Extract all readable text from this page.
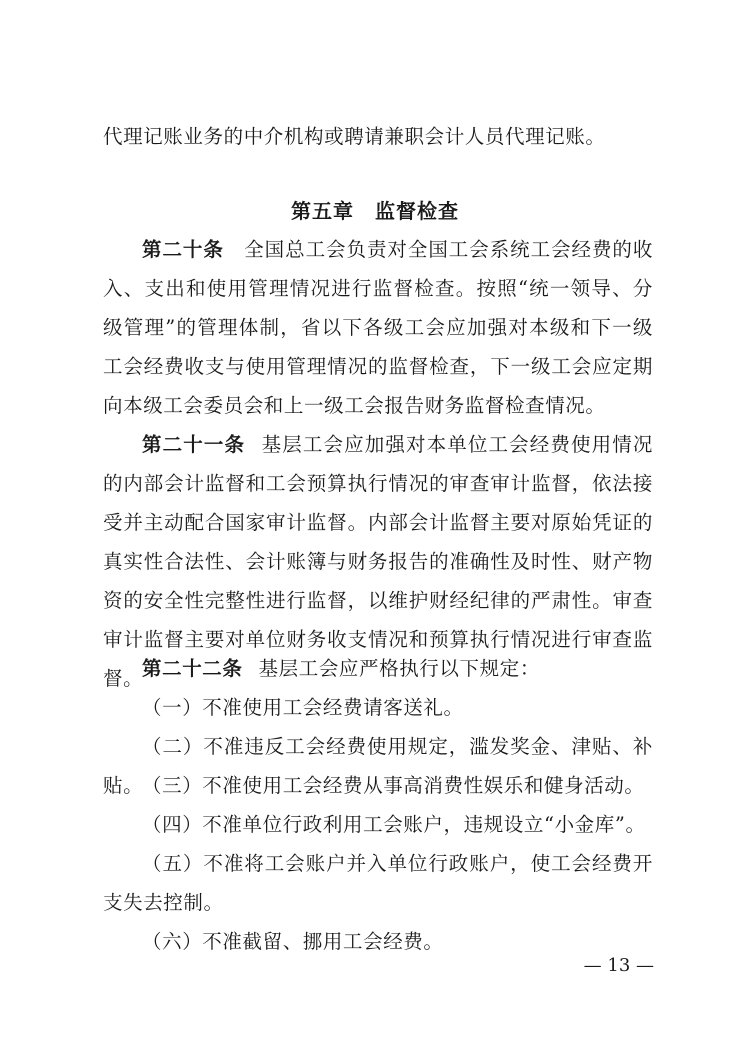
代理记账业务的中介机构或聘请兼职会计人员代理记账。

第五章　监督检查

第二十条 全国总工会负责对全国工会系统工会经费的收入、支出和使用管理情况进行监督检查。按照“统一领导、分级管理”的管理体制，省以下各级工会应加强对本级和下一级工会经费收支与使用管理情况的监督检查，下一级工会应定期向本级工会委员会和上一级工会报告财务监督检查情况。

第二十一条 基层工会应加强对本单位工会经费使用情况的内部会计监督和工会预算执行情况的审查审计监督，依法接受并主动配合国家审计监督。内部会计监督主要对原始凭证的真实性合法性、会计账簿与财务报告的准确性及时性、财产物资的安全性完整性进行监督，以维护财经纪律的严肃性。审查审计监督主要对单位财务收支情况和预算执行情况进行审查监督。

第二十二条 基层工会应严格执行以下规定：

（一）不准使用工会经费请客送礼。

（二）不准违反工会经费使用规定，滥发奖金、津贴、补贴。

（三）不准使用工会经费从事高消费性娱乐和健身活动。

（四）不准单位行政利用工会账户，违规设立“小金库”。

（五）不准将工会账户并入单位行政账户，使工会经费开支失去控制。

（六）不准截留、挪用工会经费。

— 13 —
